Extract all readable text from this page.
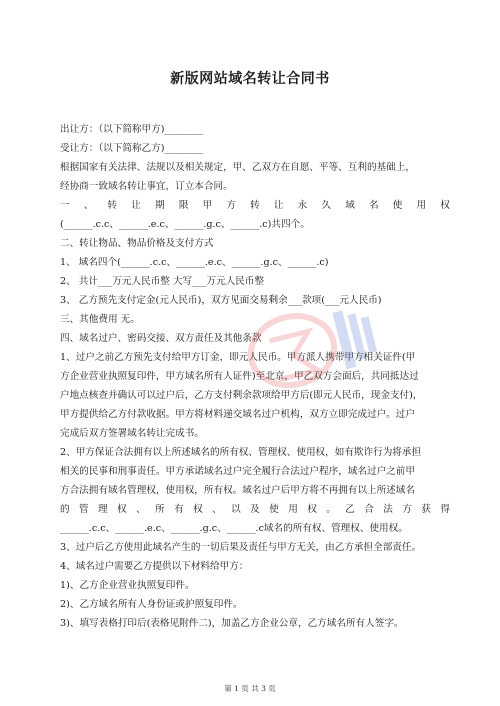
新版网站域名转让合同书
出让方：（以下简称甲方)________
受让方：（以下简称乙方)________
根据国家有关法律、法规以及相关规定，甲、乙双方在自愿、平等、互利的基础上，
经协商一致域名转让事宜，订立本合同。
一 、 转 让 期 限 甲 方 转 让 永 久 域 名 使 用 权
(______.c.c、______.e.c、______.g.c、______.c)共四个。
二、转让物品、物品价格及支付方式
1、 域名四个(______.c.c、______.e.c、______.g.c、______.c)
2、 共计___万元人民币整 大写___万元人民币整
3、 乙方预先支付定金(元人民币)，双方见面交易剩余___款项(___元人民币)
三、其他费用 无。
四、域名过户、密码交接、双方责任及其他条款
1、过户之前乙方预先支付给甲方订金，即元人民币。甲方派人携带甲方相关证件(甲
方企业营业执照复印件，甲方域名所有人证件)至北京，甲乙双方会面后，共同抵达过
户地点核查并确认可以过户后，乙方支付剩余款项给甲方后(即元人民币，现金支付)，
甲方提供给乙方付款收据。甲方将材料递交域名过户机构，双方立即完成过户。过户
完成后双方签署域名转让完成书。
2、甲方保证合法拥有以上所述域名的所有权、管理权、使用权，如有欺诈行为将承担
相关的民事和刑事责任。甲方承诺域名过户完全履行合法过户程序，域名过户之前甲
方合法拥有域名管理权，使用权，所有权。域名过户后甲方将不再拥有以上所述域名
的 管 理 权 、 所 有 权 、 以 及 使 用 权 。 乙 合 法 方 获 得
______.c.c、______.e.c、______.g.c、______.c域名的所有权、管理权、使用权。
3、过户后乙方使用此域名产生的一切后果及责任与甲方无关，由乙方承担全部责任。
4、域名过户需要乙方提供以下材料给甲方：
1)、乙方企业营业执照复印件。
2)、乙方域名所有人身份证或护照复印件。
3)、填写表格打印后(表格见附件二)，加盖乙方企业公章，乙方域名所有人签字。
第 1 页 共 3 页
